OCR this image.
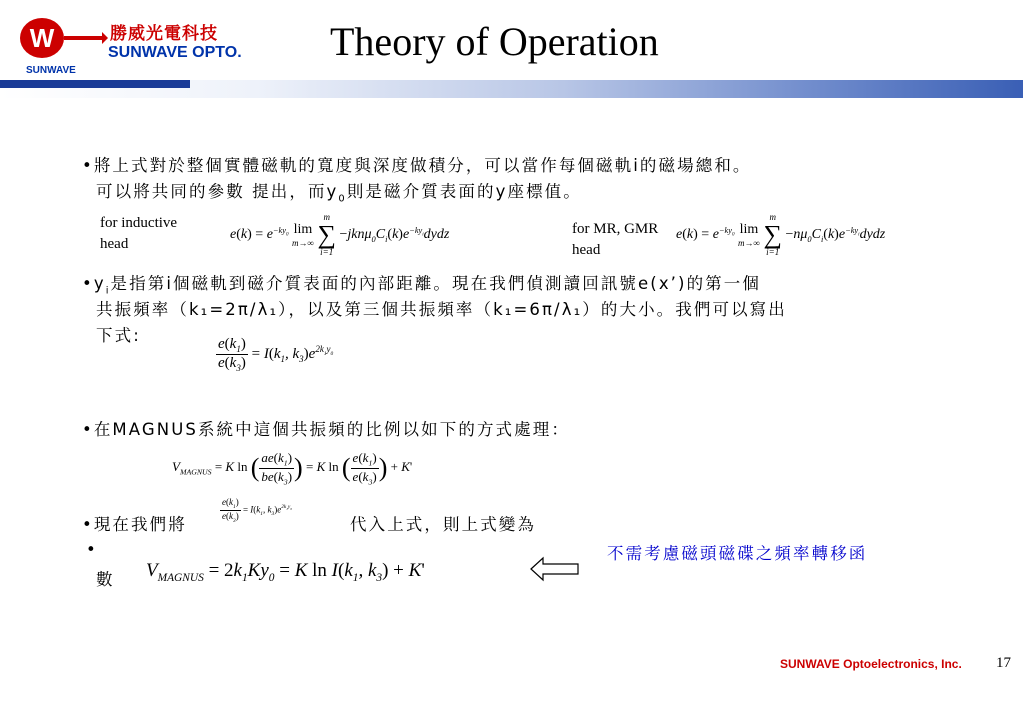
W	勝威光電科技
SUNWAVE OPTO.
SUNWAVE
Theory of Operation
•將上式對於整個實體磁軌的寬度與深度做積分，可以當作每個磁軌i的磁場總和。
可以將共同的參數 提出，而$y_0$則是磁介質表面的y座標值。
for inductive
head
$e(k) = e^{-ky_0}$ lim
m→∞

m
∑
i=1
$-jkn\mu_0C_i(k)e^{-ky_i}dydz$	for MR, GMR
head
$e(k) = e^{-ky_0}$ lim
m→∞

m
∑
i=1
$-n\mu_0C_i(k)e^{-ky_i}dydz$
$•y_i$是指第i個磁軌到磁介質表面的內部距離。現在我們偵測讀回訊號e(x’)的第一個
共振頻率（k₁=2π/λ₁），以及第三個共振頻率（k₁=6π/λ₁）的大小。我們可以寫出
下式:
$\frac{e(k_1)}{e(k_3)} = I(k_1$, $k_3)e^{2k_1y_0}$
•在MAGNUS系統中這個共振頻的比例以如下的方式處理：
$V_{MAGNUS} = K$ ln ( $\frac{ae(k_1)}{be(k_3)}$ ) = K ln ( $\frac{e(k_1)}{e(k_3)}$ ) + K'
•現在我們將
$\frac{e(k_1)}{e(k_3)} = I(k_1$, $k_3)e^{2k_1y_0}$
代入上式，則上式變為
•
數 $V_{MAGNUS} = 2k_1Ky_0 = K$ $\ln I(k_1$, $k_3) + K'$
不需考慮磁頭磁碟之頻率轉移函
SUNWAVE Optoelectronics, Inc. 17
